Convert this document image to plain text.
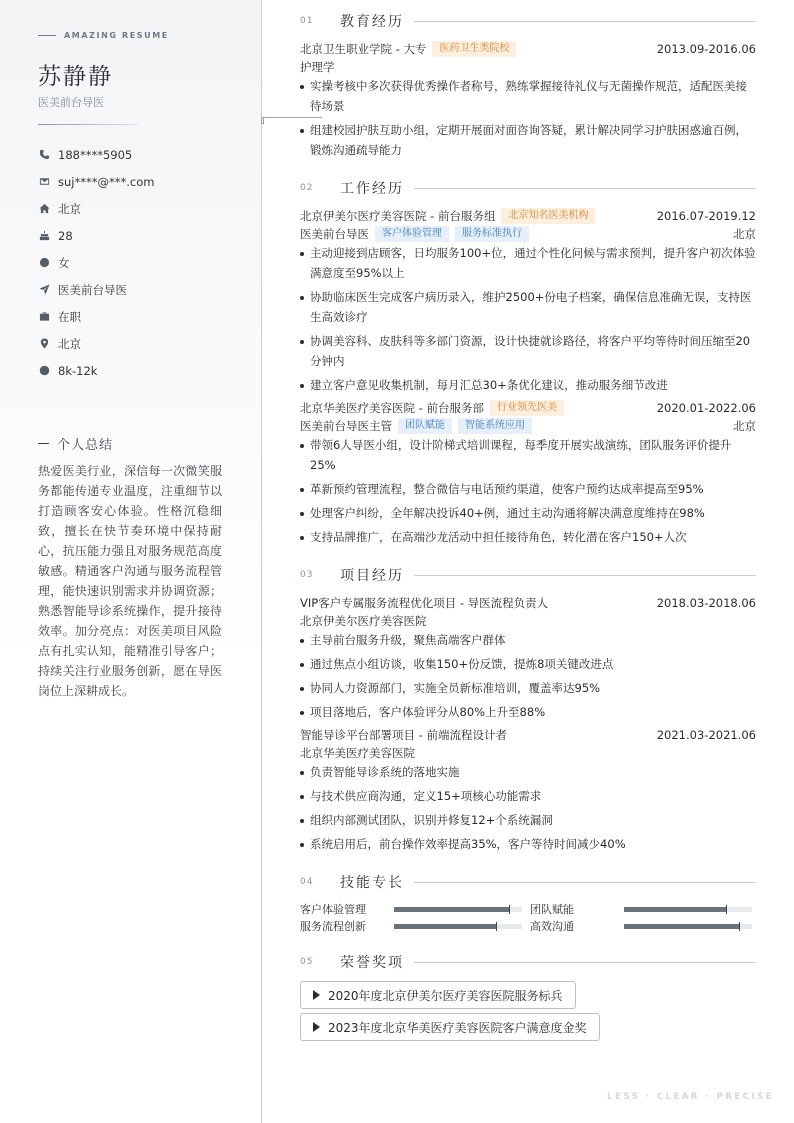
AMAZING RESUME
苏静静
医美前台导医
188****5905
suj****@***.com
北京
28
女
医美前台导医
在职
北京
8k-12k
个人总结
热爱医美行业，深信每一次微笑服务都能传递专业温度，注重细节以打造顾客安心体验。性格沉稳细致，擅长在快节奏环境中保持耐心，抗压能力强且对服务规范高度敏感。精通客户沟通与服务流程管理，能快速识别需求并协调资源；熟悉智能导诊系统操作，提升接待效率。加分亮点：对医美项目风险点有扎实认知，能精准引导客户；持续关注行业服务创新，愿在导医岗位上深耕成长。
01	教育经历
北京卫生职业学院 - 大专	医药卫生类院校	2013.09-2016.06
护理学
实操考核中多次获得优秀操作者称号，熟练掌握接待礼仪与无菌操作规范，适配医美接待场景
组建校园护肤互助小组，定期开展面对面咨询答疑，累计解决同学习护肤困惑逾百例，锻炼沟通疏导能力
02	工作经历
北京伊美尔医疗美容医院 - 前台服务组	北京知名医美机构	2016.07-2019.12
医美前台导医	客户体验管理	服务标准执行	北京
主动迎接到店顾客，日均服务100+位，通过个性化问候与需求预判，提升客户初次体验满意度至95%以上
协助临床医生完成客户病历录入，维护2500+份电子档案，确保信息准确无误，支持医生高效诊疗
协调美容科、皮肤科等多部门资源，设计快捷就诊路径，将客户平均等待时间压缩至20分钟内
建立客户意见收集机制，每月汇总30+条优化建议，推动服务细节改进
北京华美医疗美容医院 - 前台服务部	行业领先医美	2020.01-2022.06
医美前台导医主管	团队赋能	智能系统应用	北京
带领6人导医小组，设计阶梯式培训课程，每季度开展实战演练，团队服务评价提升25%
革新预约管理流程，整合微信与电话预约渠道，使客户预约达成率提高至95%
处理客户纠纷，全年解决投诉40+例，通过主动沟通将解决满意度维持在98%
支持品牌推广，在高端沙龙活动中担任接待角色，转化潜在客户150+人次
03	项目经历
VIP客户专属服务流程优化项目 - 导医流程负责人	2018.03-2018.06
北京伊美尔医疗美容医院
主导前台服务升级，聚焦高端客户群体
通过焦点小组访谈，收集150+份反馈，提炼8项关键改进点
协同人力资源部门，实施全员新标准培训，覆盖率达95%
项目落地后，客户体验评分从80%上升至88%
智能导诊平台部署项目 - 前端流程设计者	2021.03-2021.06
北京华美医疗美容医院
负责智能导诊系统的落地实施
与技术供应商沟通，定义15+项核心功能需求
组织内部测试团队，识别并修复12+个系统漏洞
系统启用后，前台操作效率提高35%，客户等待时间减少40%
04	技能专长
客户体验管理	团队赋能
服务流程创新	高效沟通
05	荣誉奖项
2020年度北京伊美尔医疗美容医院服务标兵
2023年度北京华美医疗美容医院客户满意度金奖
LESS · CLEAR · PRECISE
